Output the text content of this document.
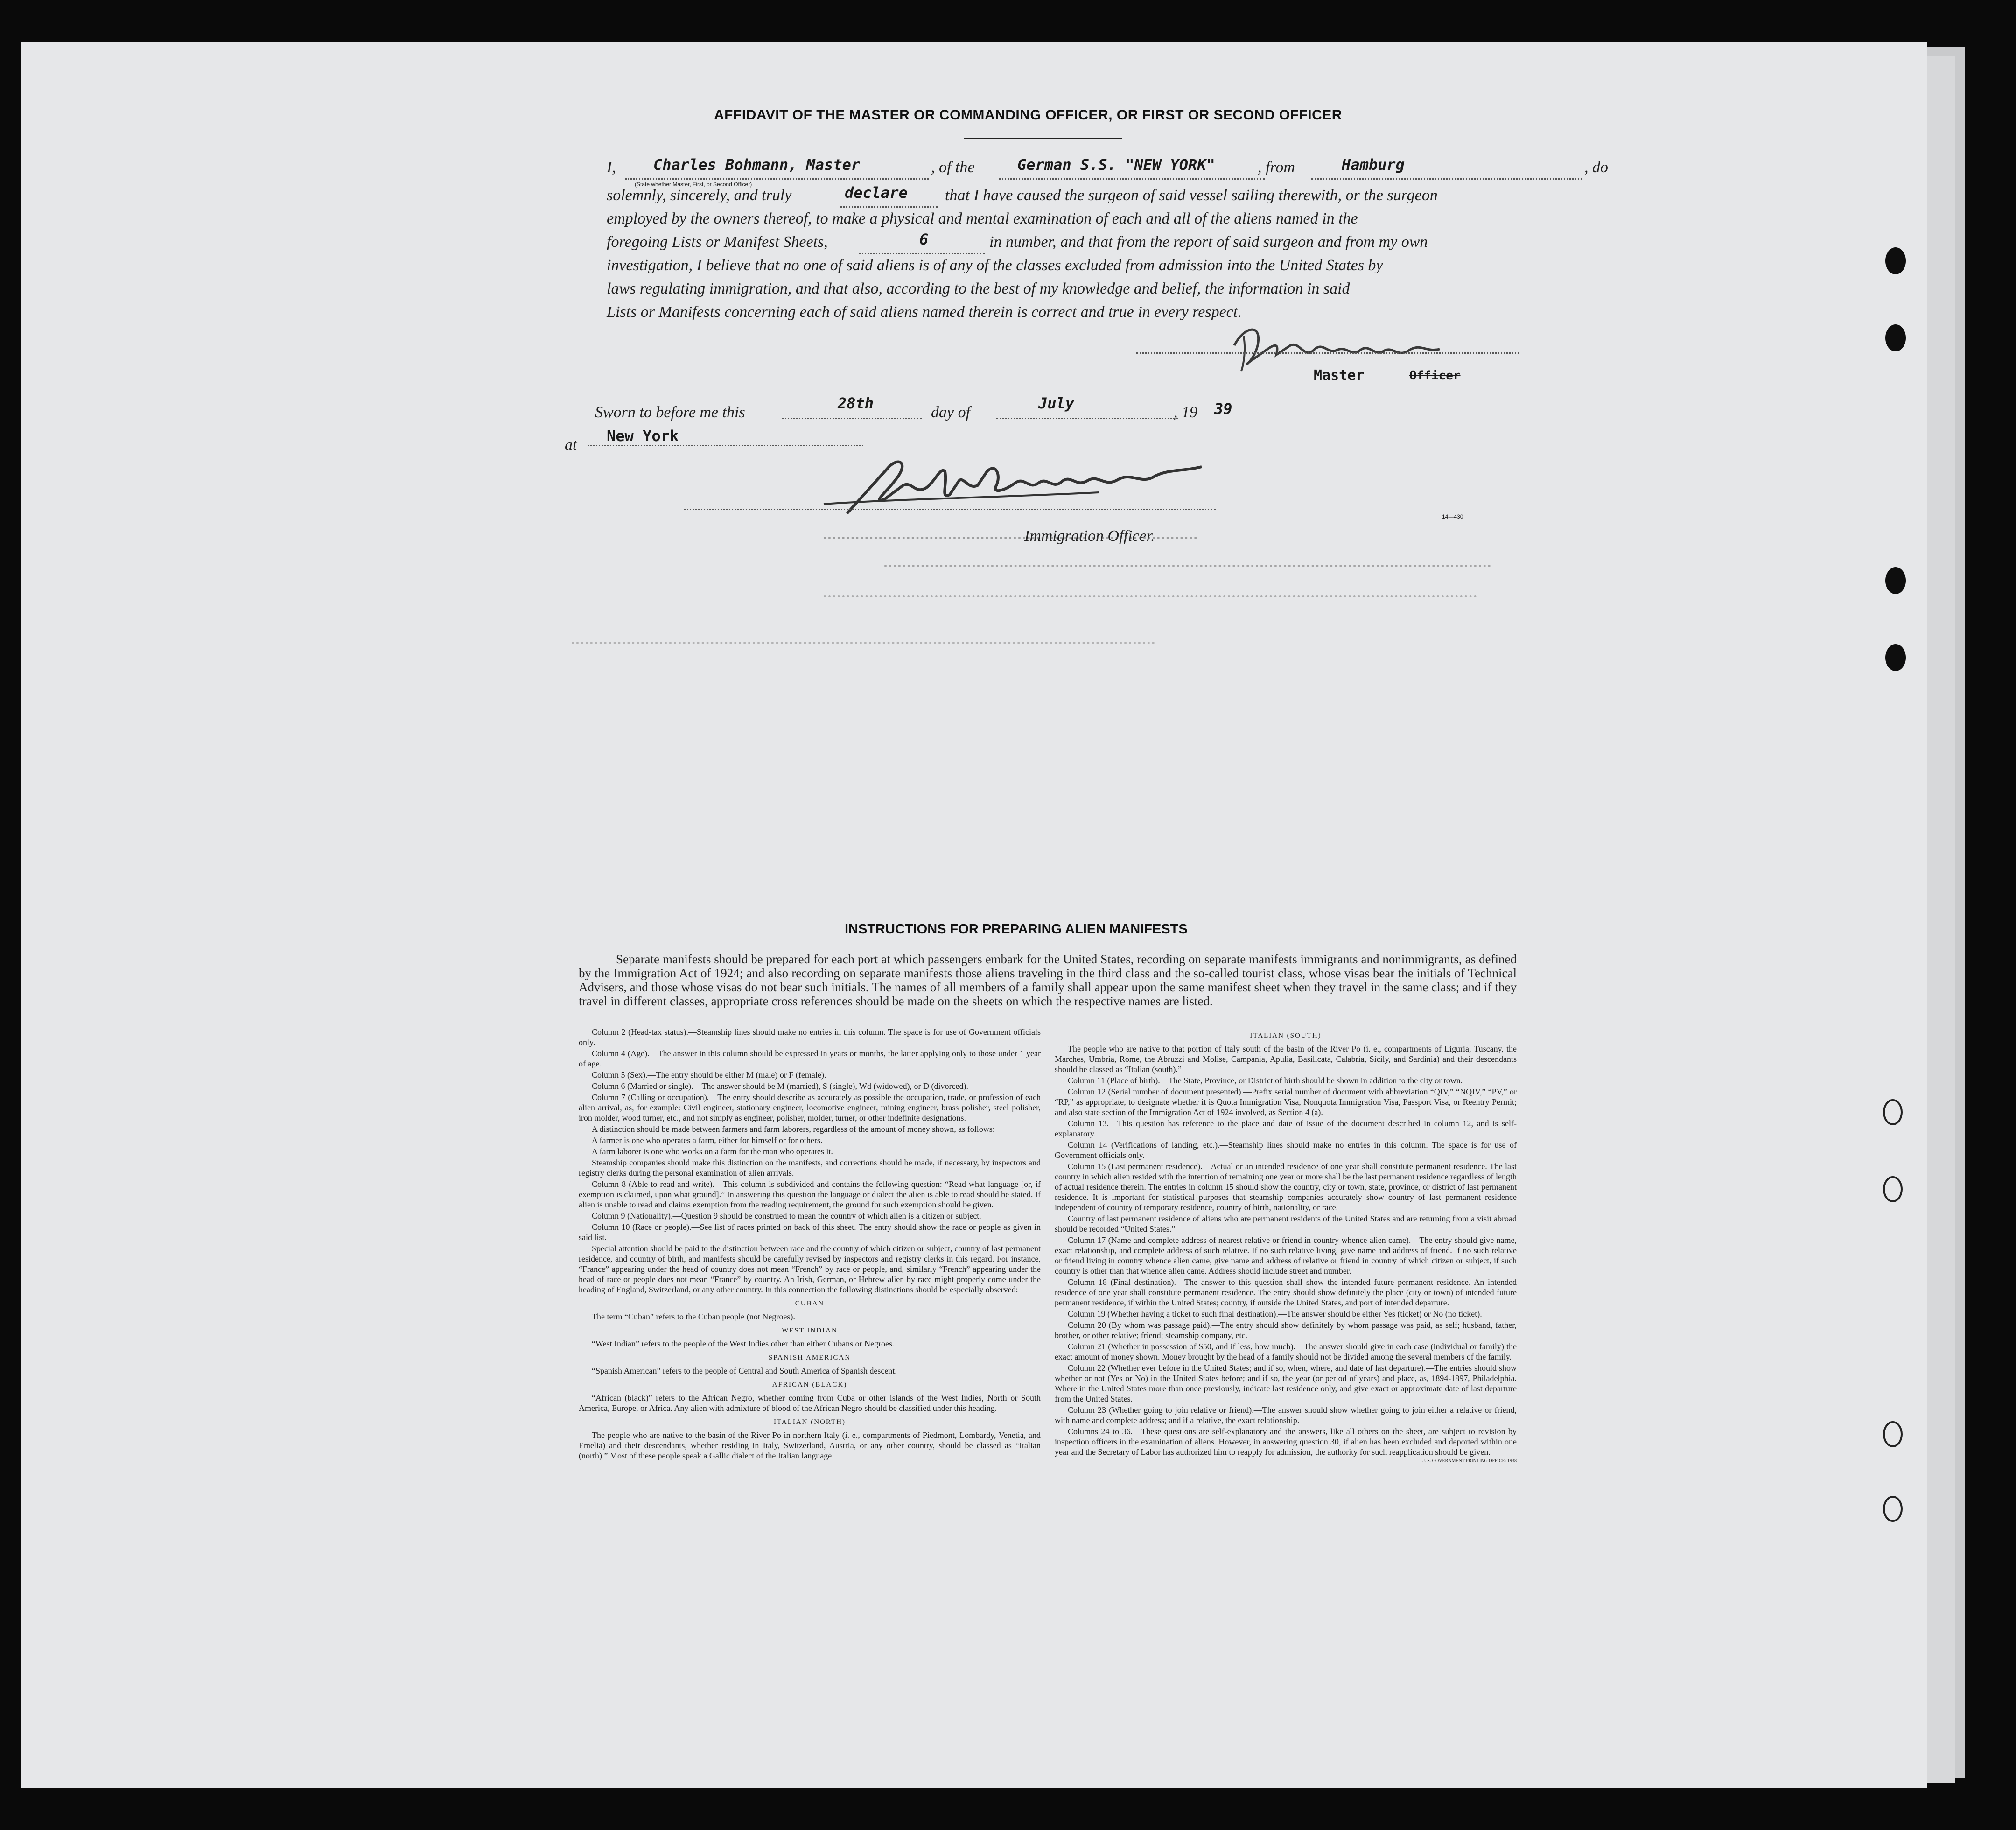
AFFIDAVIT OF THE MASTER OR COMMANDING OFFICER, OR FIRST OR SECOND OFFICER
I,	Charles Bohmann, Master	, of the	German S.S. "NEW YORK"	, from	Hamburg	, do
(State whether Master, First, or Second Officer)
solemnly, sincerely, and truly	declare that I have caused the surgeon of said vessel sailing therewith, or the surgeon
employed by the owners thereof, to make a physical and mental examination of each and all of the aliens named in the
foregoing Lists or Manifest Sheets,	6	in number, and that from the report of said surgeon and from my own
investigation, I believe that no one of said aliens is of any of the classes excluded from admission into the United States by
laws regulating immigration, and that also, according to the best of my knowledge and belief, the information in said
Lists or Manifests concerning each of said aliens named therein is correct and true in every respect.
Master	Officer
Sworn to before me this
28th
day of
July
, 19 39
at
New York
Immigration Officer.
14—430
INSTRUCTIONS FOR PREPARING ALIEN MANIFESTS
Separate manifests should be prepared for each port at which passengers embark for the United States, recording on separate manifests immigrants and nonimmigrants, as defined by the Immigration Act of 1924; and also recording on separate manifests those aliens traveling in the third class and the so-called tourist class, whose visas bear the initials of Technical Advisers, and those whose visas do not bear such initials. The names of all members of a family shall appear upon the same manifest sheet when they travel in the same class; and if they travel in different classes, appropriate cross references should be made on the sheets on which the respective names are listed.

Column 2 (Head-tax status).—Steamship lines should make no entries in this column. The space is for use of Government officials only.

Column 4 (Age).—The answer in this column should be expressed in years or months, the latter applying only to those under 1 year of age.

Column 5 (Sex).—The entry should be either M (male) or F (female).

Column 6 (Married or single).—The answer should be M (married), S (single), Wd (widowed), or D (divorced).

Column 7 (Calling or occupation).—The entry should describe as accurately as possible the occupation, trade, or profession of each alien arrival, as, for example: Civil engineer, stationary engineer, locomotive engineer, mining engineer, brass polisher, steel polisher, iron molder, wood turner, etc., and not simply as engineer, polisher, molder, turner, or other indefinite designations.

A distinction should be made between farmers and farm laborers, regardless of the amount of money shown, as follows:

A farmer is one who operates a farm, either for himself or for others.

A farm laborer is one who works on a farm for the man who operates it.

Steamship companies should make this distinction on the manifests, and corrections should be made, if necessary, by inspectors and registry clerks during the personal examination of alien arrivals.

Column 8 (Able to read and write).—This column is subdivided and contains the following question: “Read what language [or, if exemption is claimed, upon what ground].” In answering this question the language or dialect the alien is able to read should be stated. If alien is unable to read and claims exemption from the reading requirement, the ground for such exemption should be given.

Column 9 (Nationality).—Question 9 should be construed to mean the country of which alien is a citizen or subject.

Column 10 (Race or people).—See list of races printed on back of this sheet. The entry should show the race or people as given in said list.

Special attention should be paid to the distinction between race and the country of which citizen or subject, country of last permanent residence, and country of birth, and manifests should be carefully revised by inspectors and registry clerks in this regard. For instance, “France” appearing under the head of country does not mean “French” by race or people, and, similarly “French” appearing under the head of race or people does not mean “France” by country. An Irish, German, or Hebrew alien by race might properly come under the heading of England, Switzerland, or any other country. In this connection the following distinctions should be especially observed:

CUBAN

The term “Cuban” refers to the Cuban people (not Negroes).

WEST INDIAN

“West Indian” refers to the people of the West Indies other than either Cubans or Negroes.

SPANISH AMERICAN

“Spanish American” refers to the people of Central and South America of Spanish descent.

AFRICAN (BLACK)

“African (black)” refers to the African Negro, whether coming from Cuba or other islands of the West Indies, North or South America, Europe, or Africa. Any alien with admixture of blood of the African Negro should be classified under this heading.

ITALIAN (NORTH)

The people who are native to the basin of the River Po in northern Italy (i. e., compartments of Piedmont, Lombardy, Venetia, and Emelia) and their descendants, whether residing in Italy, Switzerland, Austria, or any other country, should be classed as “Italian (north).” Most of these people speak a Gallic dialect of the Italian language.

ITALIAN (SOUTH)

The people who are native to that portion of Italy south of the basin of the River Po (i. e., compartments of Liguria, Tuscany, the Marches, Umbria, Rome, the Abruzzi and Molise, Campania, Apulia, Basilicata, Calabria, Sicily, and Sardinia) and their descendants should be classed as “Italian (south).”

Column 11 (Place of birth).—The State, Province, or District of birth should be shown in addition to the city or town.

Column 12 (Serial number of document presented).—Prefix serial number of document with abbreviation “QIV,” “NQIV,” “PV,” or “RP,” as appropriate, to designate whether it is Quota Immigration Visa, Nonquota Immigration Visa, Passport Visa, or Reentry Permit; and also state section of the Immigration Act of 1924 involved, as Section 4 (a).

Column 13.—This question has reference to the place and date of issue of the document described in column 12, and is self-explanatory.

Column 14 (Verifications of landing, etc.).—Steamship lines should make no entries in this column. The space is for use of Government officials only.

Column 15 (Last permanent residence).—Actual or an intended residence of one year shall constitute permanent residence. The last country in which alien resided with the intention of remaining one year or more shall be the last permanent residence regardless of length of actual residence therein. The entries in column 15 should show the country, city or town, state, province, or district of last permanent residence. It is important for statistical purposes that steamship companies accurately show country of last permanent residence independent of country of temporary residence, country of birth, nationality, or race.

Country of last permanent residence of aliens who are permanent residents of the United States and are returning from a visit abroad should be recorded “United States.”

Column 17 (Name and complete address of nearest relative or friend in country whence alien came).—The entry should give name, exact relationship, and complete address of such relative. If no such relative living, give name and address of friend. If no such relative or friend living in country whence alien came, give name and address of relative or friend in country of which citizen or subject, if such country is other than that whence alien came. Address should include street and number.

Column 18 (Final destination).—The answer to this question shall show the intended future permanent residence. An intended residence of one year shall constitute permanent residence. The entry should show definitely the place (city or town) of intended future permanent residence, if within the United States; country, if outside the United States, and port of intended departure.

Column 19 (Whether having a ticket to such final destination).—The answer should be either Yes (ticket) or No (no ticket).

Column 20 (By whom was passage paid).—The entry should show definitely by whom passage was paid, as self; husband, father, brother, or other relative; friend; steamship company, etc.

Column 21 (Whether in possession of $50, and if less, how much).—The answer should give in each case (individual or family) the exact amount of money shown. Money brought by the head of a family should not be divided among the several members of the family.

Column 22 (Whether ever before in the United States; and if so, when, where, and date of last departure).—The entries should show whether or not (Yes or No) in the United States before; and if so, the year (or period of years) and place, as, 1894-1897, Philadelphia. Where in the United States more than once previously, indicate last residence only, and give exact or approximate date of last departure from the United States.

Column 23 (Whether going to join relative or friend).—The answer should show whether going to join either a relative or friend, with name and complete address; and if a relative, the exact relationship.

Columns 24 to 36.—These questions are self-explanatory and the answers, like all others on the sheet, are subject to revision by inspection officers in the examination of aliens. However, in answering question 30, if alien has been excluded and deported within one year and the Secretary of Labor has authorized him to reapply for admission, the authority for such reapplication should be given.

U. S. GOVERNMENT PRINTING OFFICE: 1938
